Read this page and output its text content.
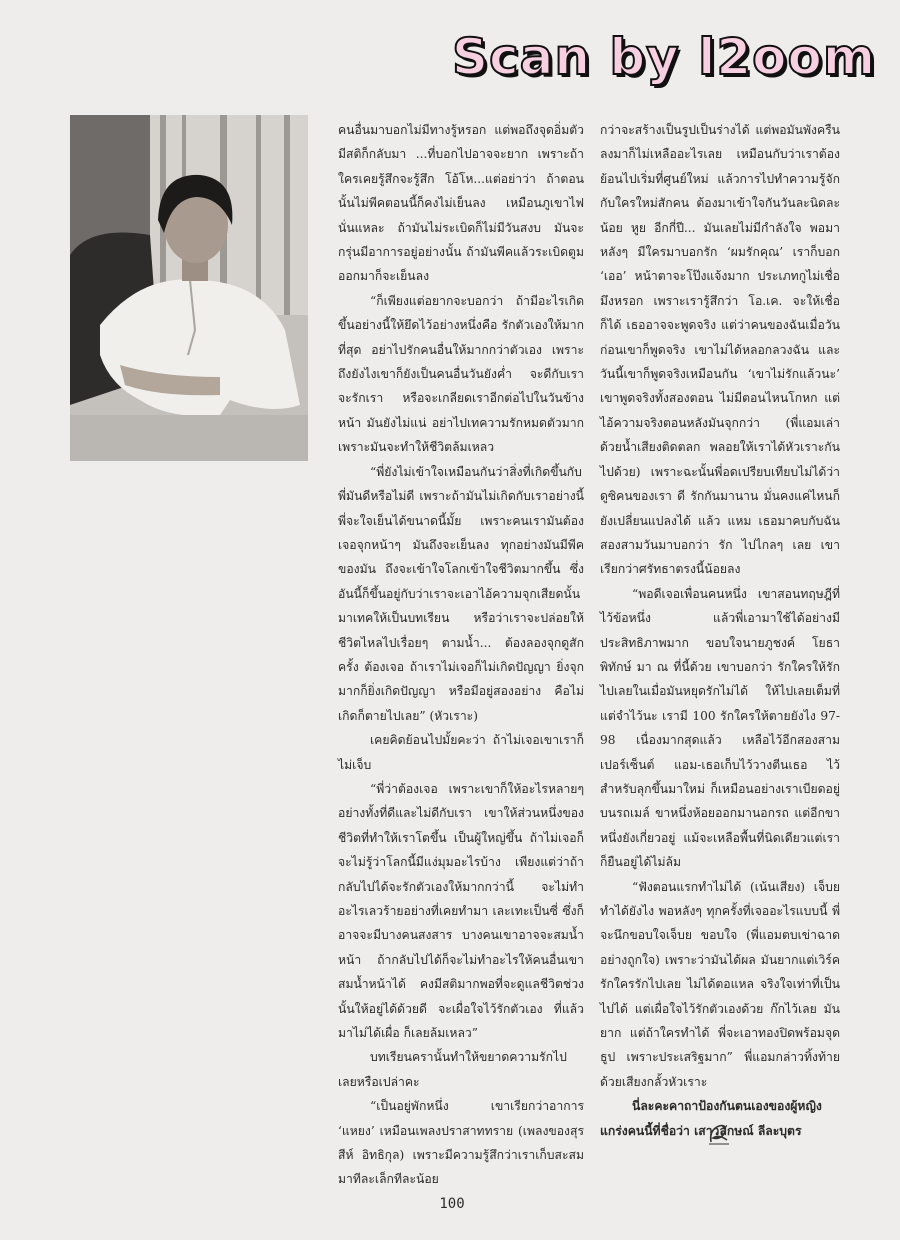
Scan by l2oom

คนอื่นมาบอกไม่มีทางรู้หรอก แต่พอถึงจุดอิ่มตัวมีสติก็กลับมา ...ที่บอกไปอาจจะยาก เพราะถ้าใครเคยรู้สึกจะรู้สึก โอ้โห...แต่อย่าว่า ถ้าตอนนั้นไม่พีคตอนนี้ก็คงไม่เย็นลง เหมือนภูเขาไฟนั่นแหละ ถ้ามันไม่ระเบิดก็ไม่มีวันสงบ มันจะกรุ่นมีอาการอยู่อย่างนั้น ถ้ามันพีคแล้วระเบิดตูมออกมาก็จะเย็นลง

“ก็เพียงแต่อยากจะบอกว่า ถ้ามีอะไรเกิดขึ้นอย่างนี้ให้ยึดไว้อย่างหนึ่งคือ รักตัวเองให้มากที่สุด อย่าไปรักคนอื่นให้มากกว่าตัวเอง เพราะถึงยังไงเขาก็ยังเป็นคนอื่นวันยังค่ำ จะดีกับเรา จะรักเรา หรือจะเกลียดเราอีกต่อไปในวันข้างหน้า มันยังไม่แน่ อย่าไปเทความรักหมดตัวมาก เพราะมันจะทำให้ชีวิตล้มเหลว

“พี่ยังไม่เข้าใจเหมือนกันว่าสิ่งที่เกิดขึ้นกับพี่มันดีหรือไม่ดี เพราะถ้ามันไม่เกิดกับเราอย่างนี้ พี่จะใจเย็นได้ขนาดนี้มั้ย เพราะคนเรามันต้องเจอจุกหน้าๆ มันถึงจะเย็นลง ทุกอย่างมันมีพีคของมัน ถึงจะเข้าใจโลกเข้าใจชีวิตมากขึ้น ซึ่งอันนี้ก็ขึ้นอยู่กับว่าเราจะเอาไอ้ความจุกเสียดนั้นมาเทคให้เป็นบทเรียน หรือว่าเราจะปล่อยให้ชีวิตไหลไปเรื่อยๆ ตามน้ำ... ต้องลองจุกดูสักครั้ง ต้องเจอ ถ้าเราไม่เจอก็ไม่เกิดปัญญา ยิ่งจุกมากก็ยิ่งเกิดปัญญา หรือมีอยู่สองอย่าง คือไม่เกิดก็ตายไปเลย” (หัวเราะ)

เคยคิดย้อนไปมั้ยคะว่า ถ้าไม่เจอเขาเราก็ไม่เจ็บ

“พี่ว่าต้องเจอ เพราะเขาก็ให้อะไรหลายๆ อย่างทั้งที่ดีและไม่ดีกับเรา เขาให้ส่วนหนึ่งของชีวิตที่ทำให้เราโตขึ้น เป็นผู้ใหญ่ขึ้น ถ้าไม่เจอก็จะไม่รู้ว่าโลกนี้มีแง่มุมอะไรบ้าง เพียงแต่ว่าถ้ากลับไปได้จะรักตัวเองให้มากกว่านี้ จะไม่ทำอะไรเลวร้ายอย่างที่เคยทำมา เละเทะเป็นซี่ ซึ่งก็อาจจะมีบางคนสงสาร บางคนเขาอาจจะสมน้ำหน้า ถ้ากลับไปได้ก็จะไม่ทำอะไรให้คนอื่นเขาสมน้ำหน้าได้ คงมีสติมากพอที่จะดูแลชีวิตช่วงนั้นให้อยู่ได้ด้วยดี จะเผื่อใจไว้รักตัวเอง ที่แล้วมาไม่ได้เผื่อ ก็เลยล้มเหลว”

บทเรียนครานั้นทำให้ขยาดความรักไปเลยหรือเปล่าคะ

“เป็นอยู่พักหนึ่ง เขาเรียกว่าอาการ ‘แหยง’ เหมือนเพลงปราสาททราย (เพลงของสุรสีห์ อิทธิกุล) เพราะมีความรู้สึกว่าเราเก็บสะสมมาทีละเล็กทีละน้อย

กว่าจะสร้างเป็นรูปเป็นร่างได้ แต่พอมันพังครืนลงมาก็ไม่เหลืออะไรเลย เหมือนกับว่าเราต้องย้อนไปเริ่มที่ศูนย์ใหม่ แล้วการไปทำความรู้จักกับใครใหม่สักคน ต้องมาเข้าใจกันวันละนิดละน้อย หูย อีกกี่ปี... มันเลยไม่มีกำลังใจ พอมาหลังๆ มีใครมาบอกรัก ‘ผมรักคุณ’ เราก็บอก ‘เออ’ หน้าตาจะโป๊งแจ้งมาก ประเภทกูไม่เชื่อมึงหรอก เพราะเรารู้สึกว่า โอ.เค. จะให้เชื่อก็ได้ เธออาจจะพูดจริง แต่ว่าคนของฉันเมื่อวันก่อนเขาก็พูดจริง เขาไม่ได้หลอกลวงฉัน และวันนี้เขาก็พูดจริงเหมือนกัน ‘เขาไม่รักแล้วนะ’ เขาพูดจริงทั้งสองตอน ไม่มีตอนไหนโกหก แต่ไอ้ความจริงตอนหลังมันจุกกว่า (พี่แอมเล่าด้วยน้ำเสียงติดตลก พลอยให้เราได้หัวเราะกันไปด้วย) เพราะฉะนั้นพี่อดเปรียบเทียบไม่ได้ว่า ดูซิคนของเรา ดี รักกันมานาน มั่นคงแค่ไหนก็ยังเปลี่ยนแปลงได้ แล้ว แหม เธอมาคบกับฉันสองสามวันมาบอกว่า รัก ไปไกลๆ เลย เขาเรียกว่าศรัทธาตรงนี้น้อยลง

“พอดีเจอเพื่อนคนหนึ่ง เขาสอนทฤษฎีที่ไว้ข้อหนึ่ง แล้วพี่เอามาใช้ได้อย่างมีประสิทธิภาพมาก ขอบใจนายภูชงค์ โยธาพิทักษ์ มา ณ ที่นี้ด้วย เขาบอกว่า รักใครให้รักไปเลยในเมื่อมันหยุดรักไม่ได้ ให้ไปเลยเต็มที่ แต่จำไว้นะ เรามี 100 รักใครให้ตายยังไง 97-98 เนื่องมากสุดแล้ว เหลือไว้อีกสองสามเปอร์เซ็นต์ แอม-เธอเก็บไว้วางตีนเธอ ไว้สำหรับลุกขึ้นมาใหม่ ก็เหมือนอย่างเราเบียดอยู่บนรถเมล์ ขาหนึ่งห้อยออกมานอกรถ แต่อีกขาหนึ่งยังเกี่ยวอยู่ แม้จะเหลือพื้นที่นิดเดียวแต่เราก็ยืนอยู่ได้ไม่ล้ม

“ฟังตอนแรกทำไม่ได้ (เน้นเสียง) เจ็บยทำได้ยังไง พอหลังๆ ทุกครั้งที่เจออะไรแบบนี้ พี่จะนึกขอบใจเจ็บย ขอบใจ (พี่แอมตบเข่าฉาดอย่างถูกใจ) เพราะว่ามันได้ผล มันยากแต่เวิร์ค รักใครรักไปเลย ไม่ได้ตอแหล จริงใจเท่าที่เป็นไปได้ แต่เผื่อใจไว้รักตัวเองด้วย ก๊กไว้เลย มันยาก แต่ถ้าใครทำได้ พี่จะเอาทองปิดพร้อมจุดธูป เพราะประเสริฐมาก” พี่แอมกล่าวทิ้งท้ายด้วยเสียงกลั้วหัวเราะ

นี่ละคะคาถาป้องกันตนเองของผู้หญิงแกร่งคนนี้ที่ชื่อว่า เสาวลักษณ์ ลีละบุตร

100
